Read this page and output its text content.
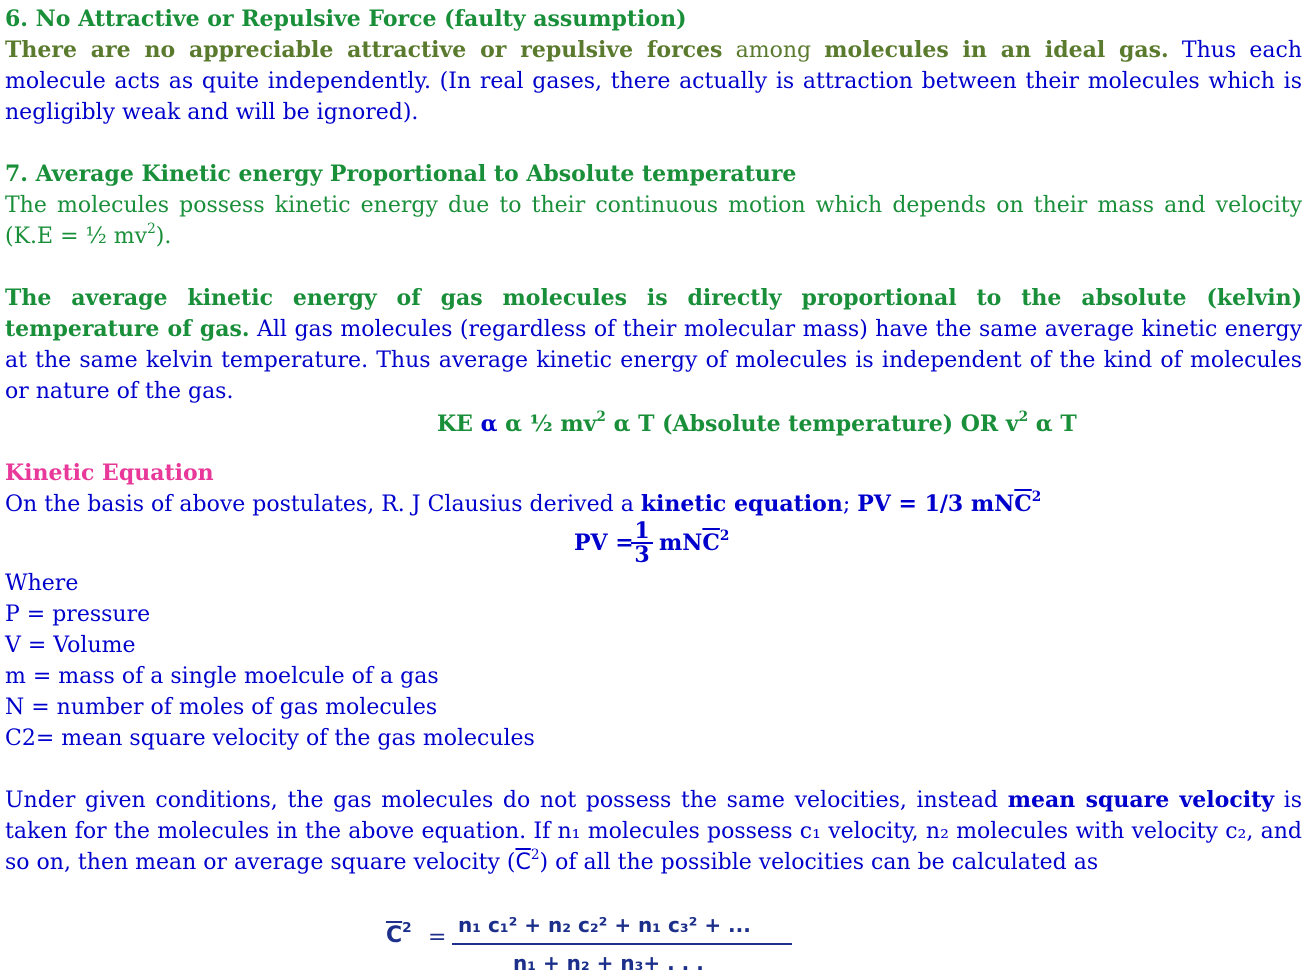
6. No Attractive or Repulsive Force (faulty assumption)

There are no appreciable attractive or repulsive forces among molecules in an ideal gas. Thus each molecule acts as quite independently. (In real gases, there actually is attraction between their molecules which is negligibly weak and will be ignored).

7. Average Kinetic energy Proportional to Absolute temperature

The molecules possess kinetic energy due to their continuous motion which depends on their mass and velocity (K.E = ½ $mv^2$).

The average kinetic energy of gas molecules is directly proportional to the absolute (kelvin) temperature of gas. All gas molecules (regardless of their molecular mass) have the same average kinetic energy at the same kelvin temperature. Thus average kinetic energy of molecules is independent of the kind of molecules or nature of the gas.

KE α α ½ $mv^2$ α T (Absolute temperature) OR $v^2$ α T
Kinetic Equation
On the basis of above postulates, R. J Clausius derived a kinetic equation; PV = 1/3 $mN\overline{C}^2$
PV =
$\frac{1}{3} mN\overline{C}^2$
Where
P = pressure
V = Volume
m = mass of a single moelcule of a gas
N = number of moles of gas molecules
C2= mean square velocity of the gas molecules

Under given conditions, the gas molecules do not possess the same velocities, instead mean square velocity is taken for the molecules in the above equation. If n₁ molecules possess c₁ velocity, n₂ molecules with velocity c₂, and so on, then mean or average square velocity $(\overline{C}^2)$ of all the possible velocities can be calculated as

$\overline{C}^2 = n_1$ c₁² + n₂ c₂² + n₁ c₃² + ...
n₁ + n₂ + n₃+ . . .
